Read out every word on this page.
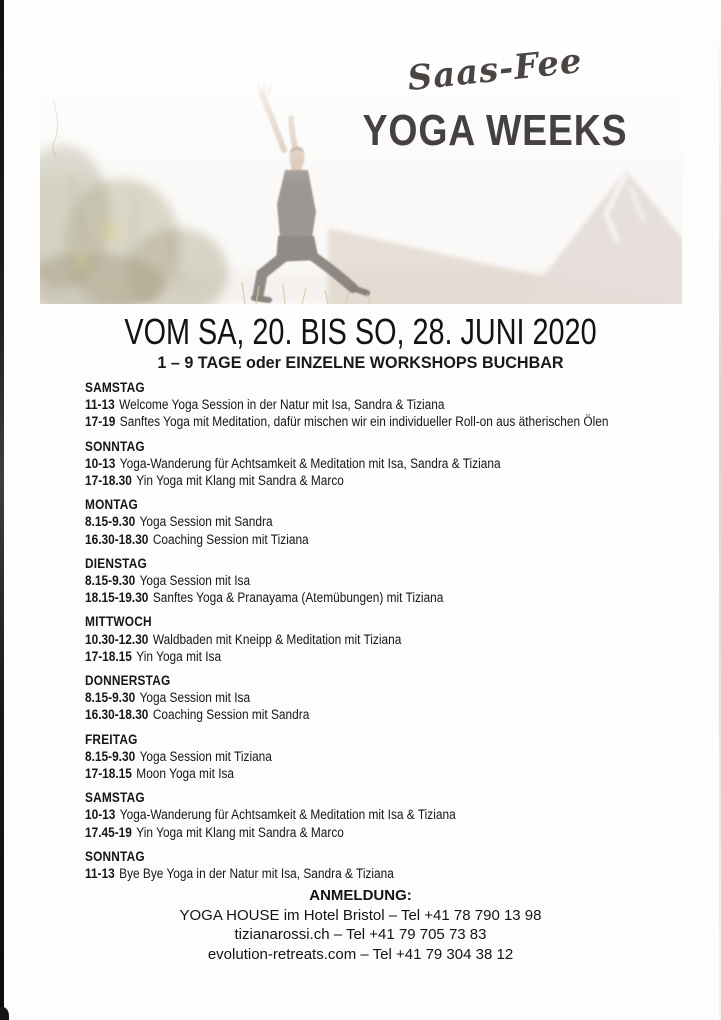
Saas-Fee
YOGA WEEKS
VOM SA, 20. BIS SO, 28. JUNI 2020
1 – 9 TAGE oder EINZELNE WORKSHOPS BUCHBAR
SAMSTAG
11-13 Welcome Yoga Session in der Natur mit Isa, Sandra & Tiziana
17-19 Sanftes Yoga mit Meditation, dafür mischen wir ein individueller Roll-on aus ätherischen Ölen
SONNTAG
10-13 Yoga-Wanderung für Achtsamkeit & Meditation mit Isa, Sandra & Tiziana
17-18.30 Yin Yoga mit Klang mit Sandra & Marco
MONTAG
8.15-9.30 Yoga Session mit Sandra
16.30-18.30 Coaching Session mit Tiziana
DIENSTAG
8.15-9.30 Yoga Session mit Isa
18.15-19.30 Sanftes Yoga & Pranayama (Atemübungen) mit Tiziana
MITTWOCH
10.30-12.30 Waldbaden mit Kneipp & Meditation mit Tiziana
17-18.15 Yin Yoga mit Isa
DONNERSTAG
8.15-9.30 Yoga Session mit Isa
16.30-18.30 Coaching Session mit Sandra
FREITAG
8.15-9.30 Yoga Session mit Tiziana
17-18.15 Moon Yoga mit Isa
SAMSTAG
10-13 Yoga-Wanderung für Achtsamkeit & Meditation mit Isa & Tiziana
17.45-19 Yin Yoga mit Klang mit Sandra & Marco
SONNTAG
11-13 Bye Bye Yoga in der Natur mit Isa, Sandra & Tiziana
ANMELDUNG:
YOGA HOUSE im Hotel Bristol – Tel +41 78 790 13 98
tizianarossi.ch – Tel +41 79 705 73 83
evolution-retreats.com – Tel +41 79 304 38 12
